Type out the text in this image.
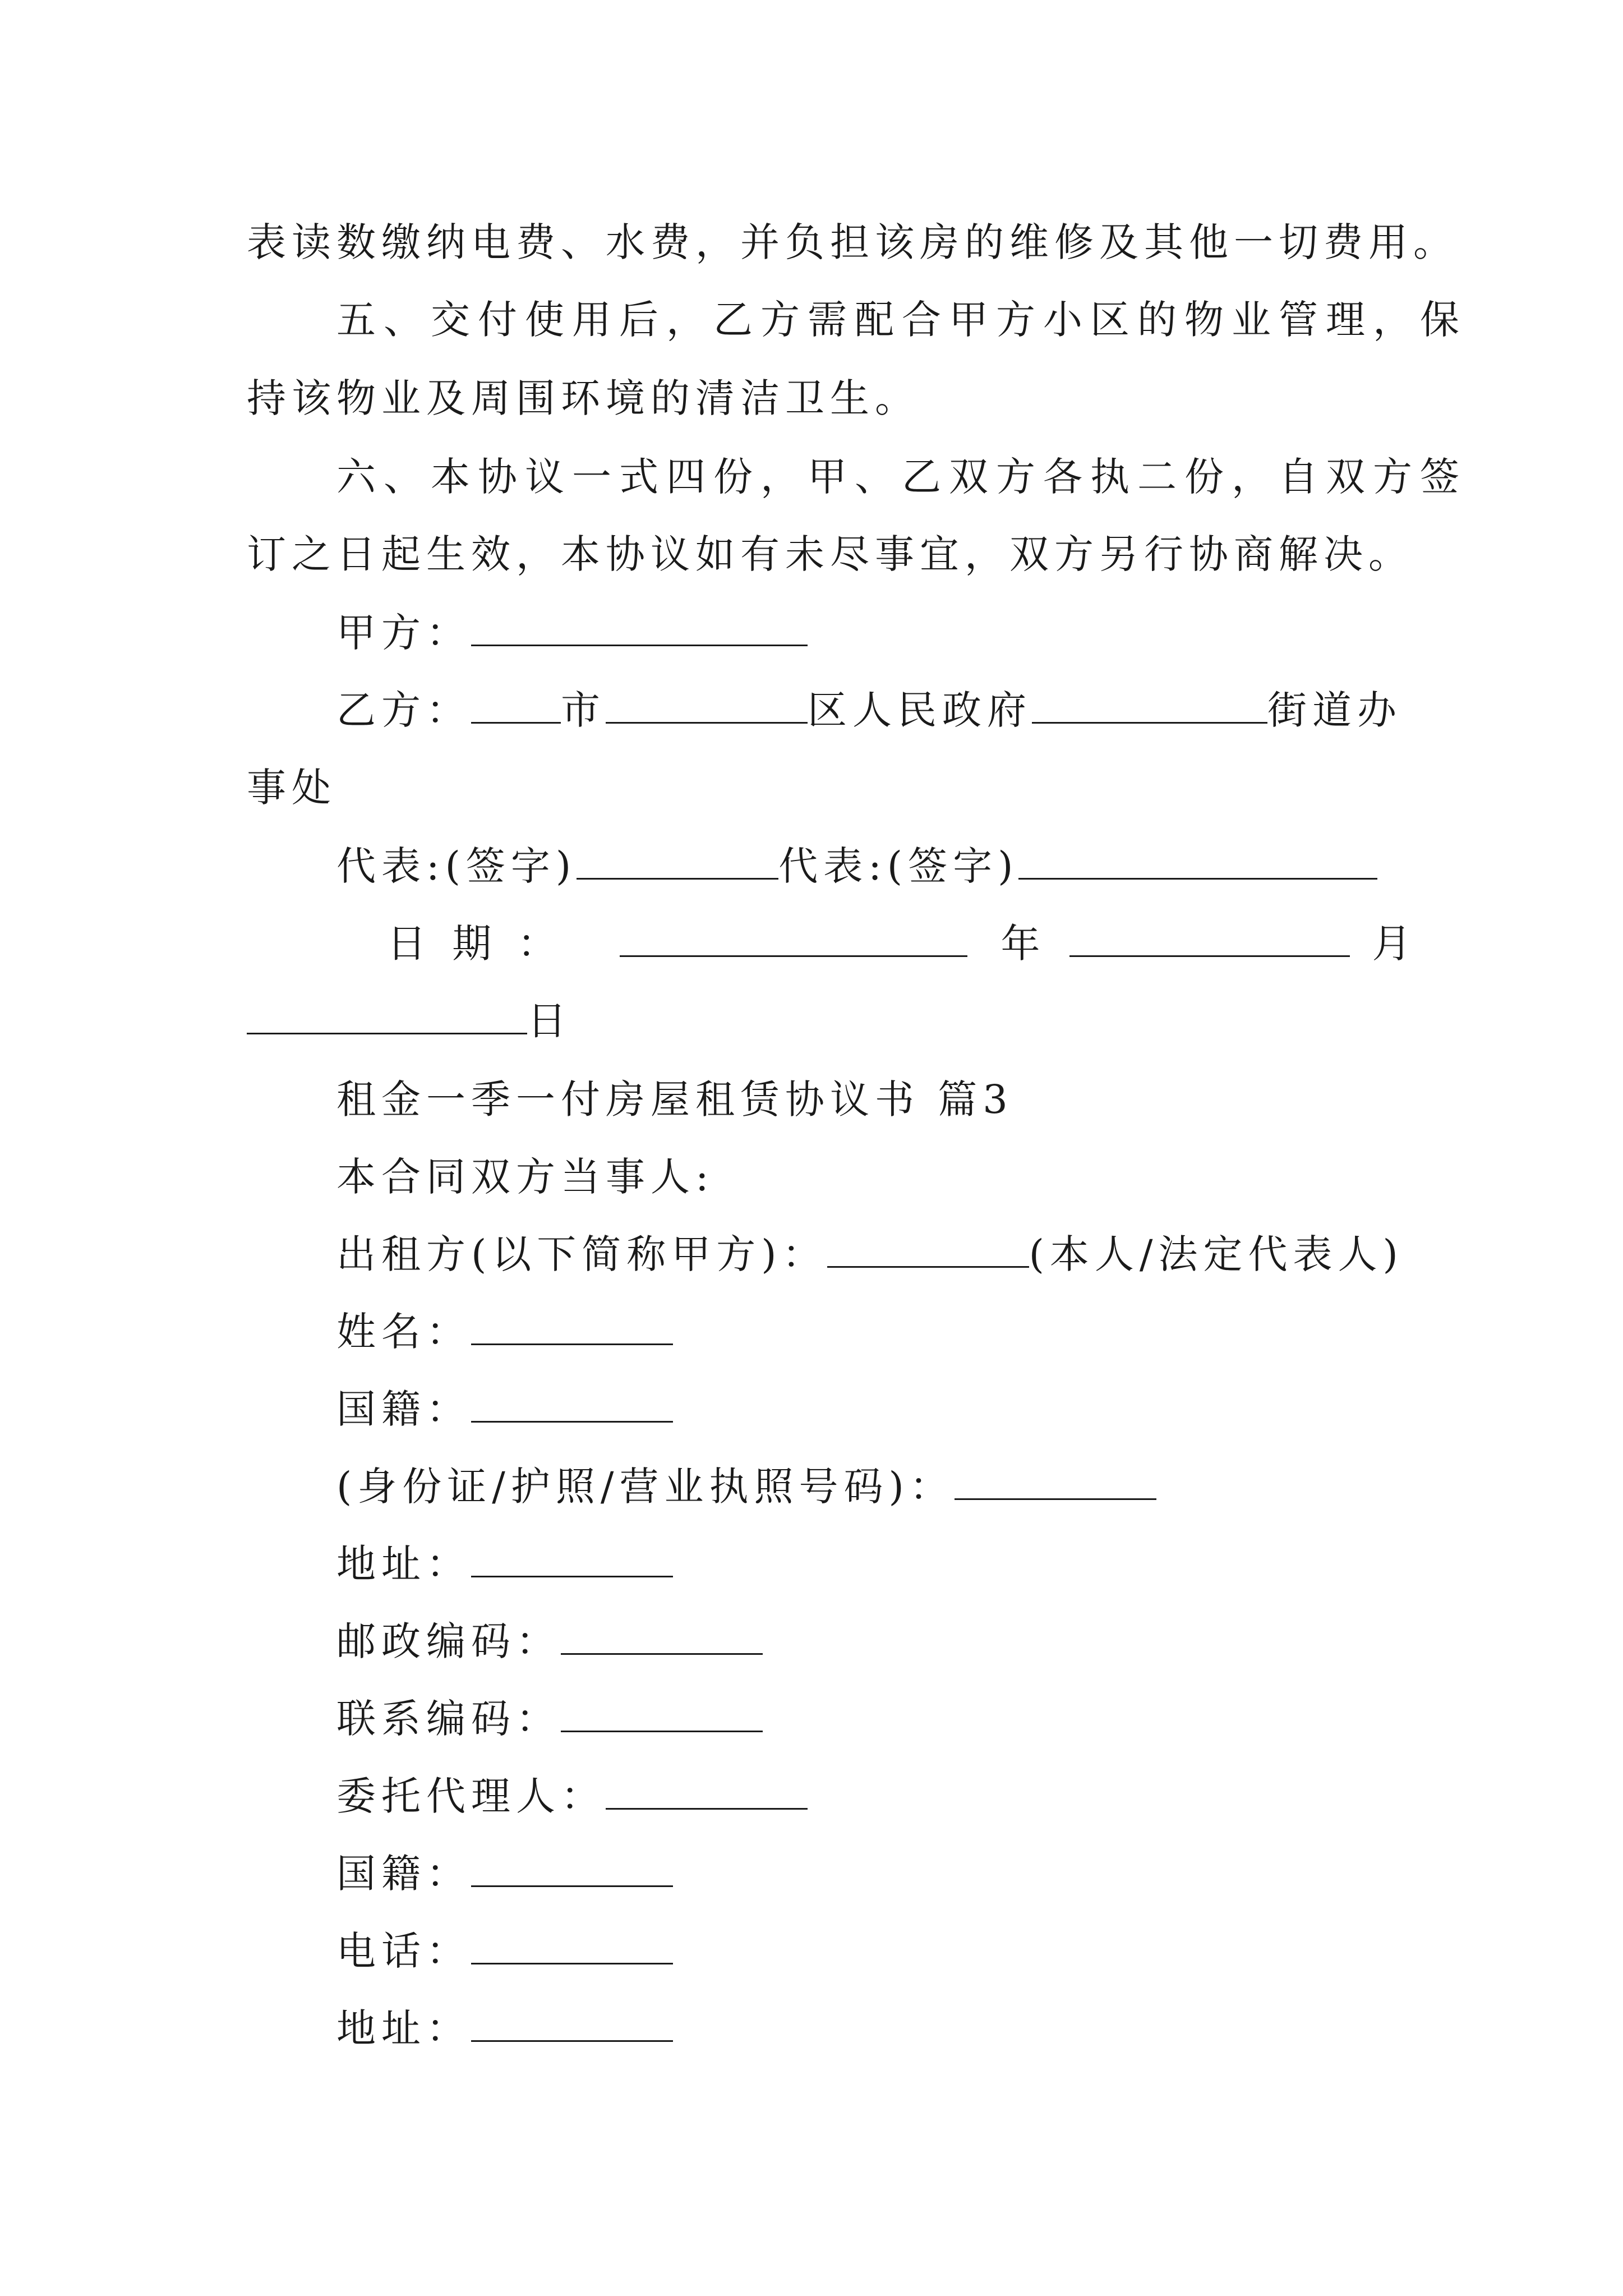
表读数缴纳电费、水费，并负担该房的维修及其他一切费用。
五、交付使用后，乙方需配合甲方小区的物业管理，保
持该物业及周围环境的清洁卫生。
六、本协议一式四份，甲、乙双方各执二份，自双方签
订之日起生效，本协议如有未尽事宜，双方另行协商解决。
甲方：
乙方： 市	区人民政府	街道办
事处
代表:(签字)	代表:(签字)
日 期 ：	年	月
日
租金一季一付房屋租赁协议书 篇3
本合同双方当事人:
出租方(以下简称甲方)：	(本人/法定代表人)
姓名：
国籍：
(身份证/护照/营业执照号码)：
地址：
邮政编码：
联系编码：
委托代理人：
国籍：
电话：
地址：
